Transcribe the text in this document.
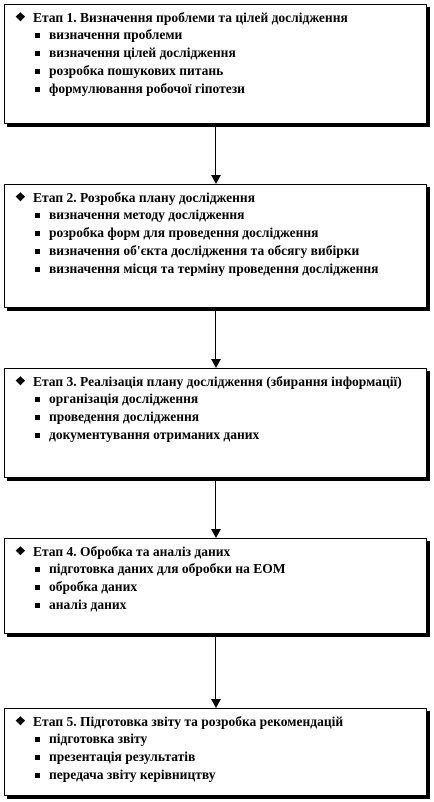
❖ Етап 1. Визначення проблеми та цілей дослідження
визначення проблеми
визначення цілей дослідження
розробка пошукових питань
формулювання робочої гіпотези
❖ Етап 2. Розробка плану дослідження
визначення методу дослідження
розробка форм для проведення дослідження
визначення об'єкта дослідження та обсягу вибірки
визначення місця та терміну проведення дослідження
❖ Етап 3. Реалізація плану дослідження (збирання інформації)
організація дослідження
проведення дослідження
документування отриманих даних
❖ Етап 4. Обробка та аналіз даних
підготовка даних для обробки на ЕОМ
обробка даних
аналіз даних
❖ Етап 5. Підготовка звіту та розробка рекомендацій
підготовка звіту
презентація результатів
передача звіту керівництву
